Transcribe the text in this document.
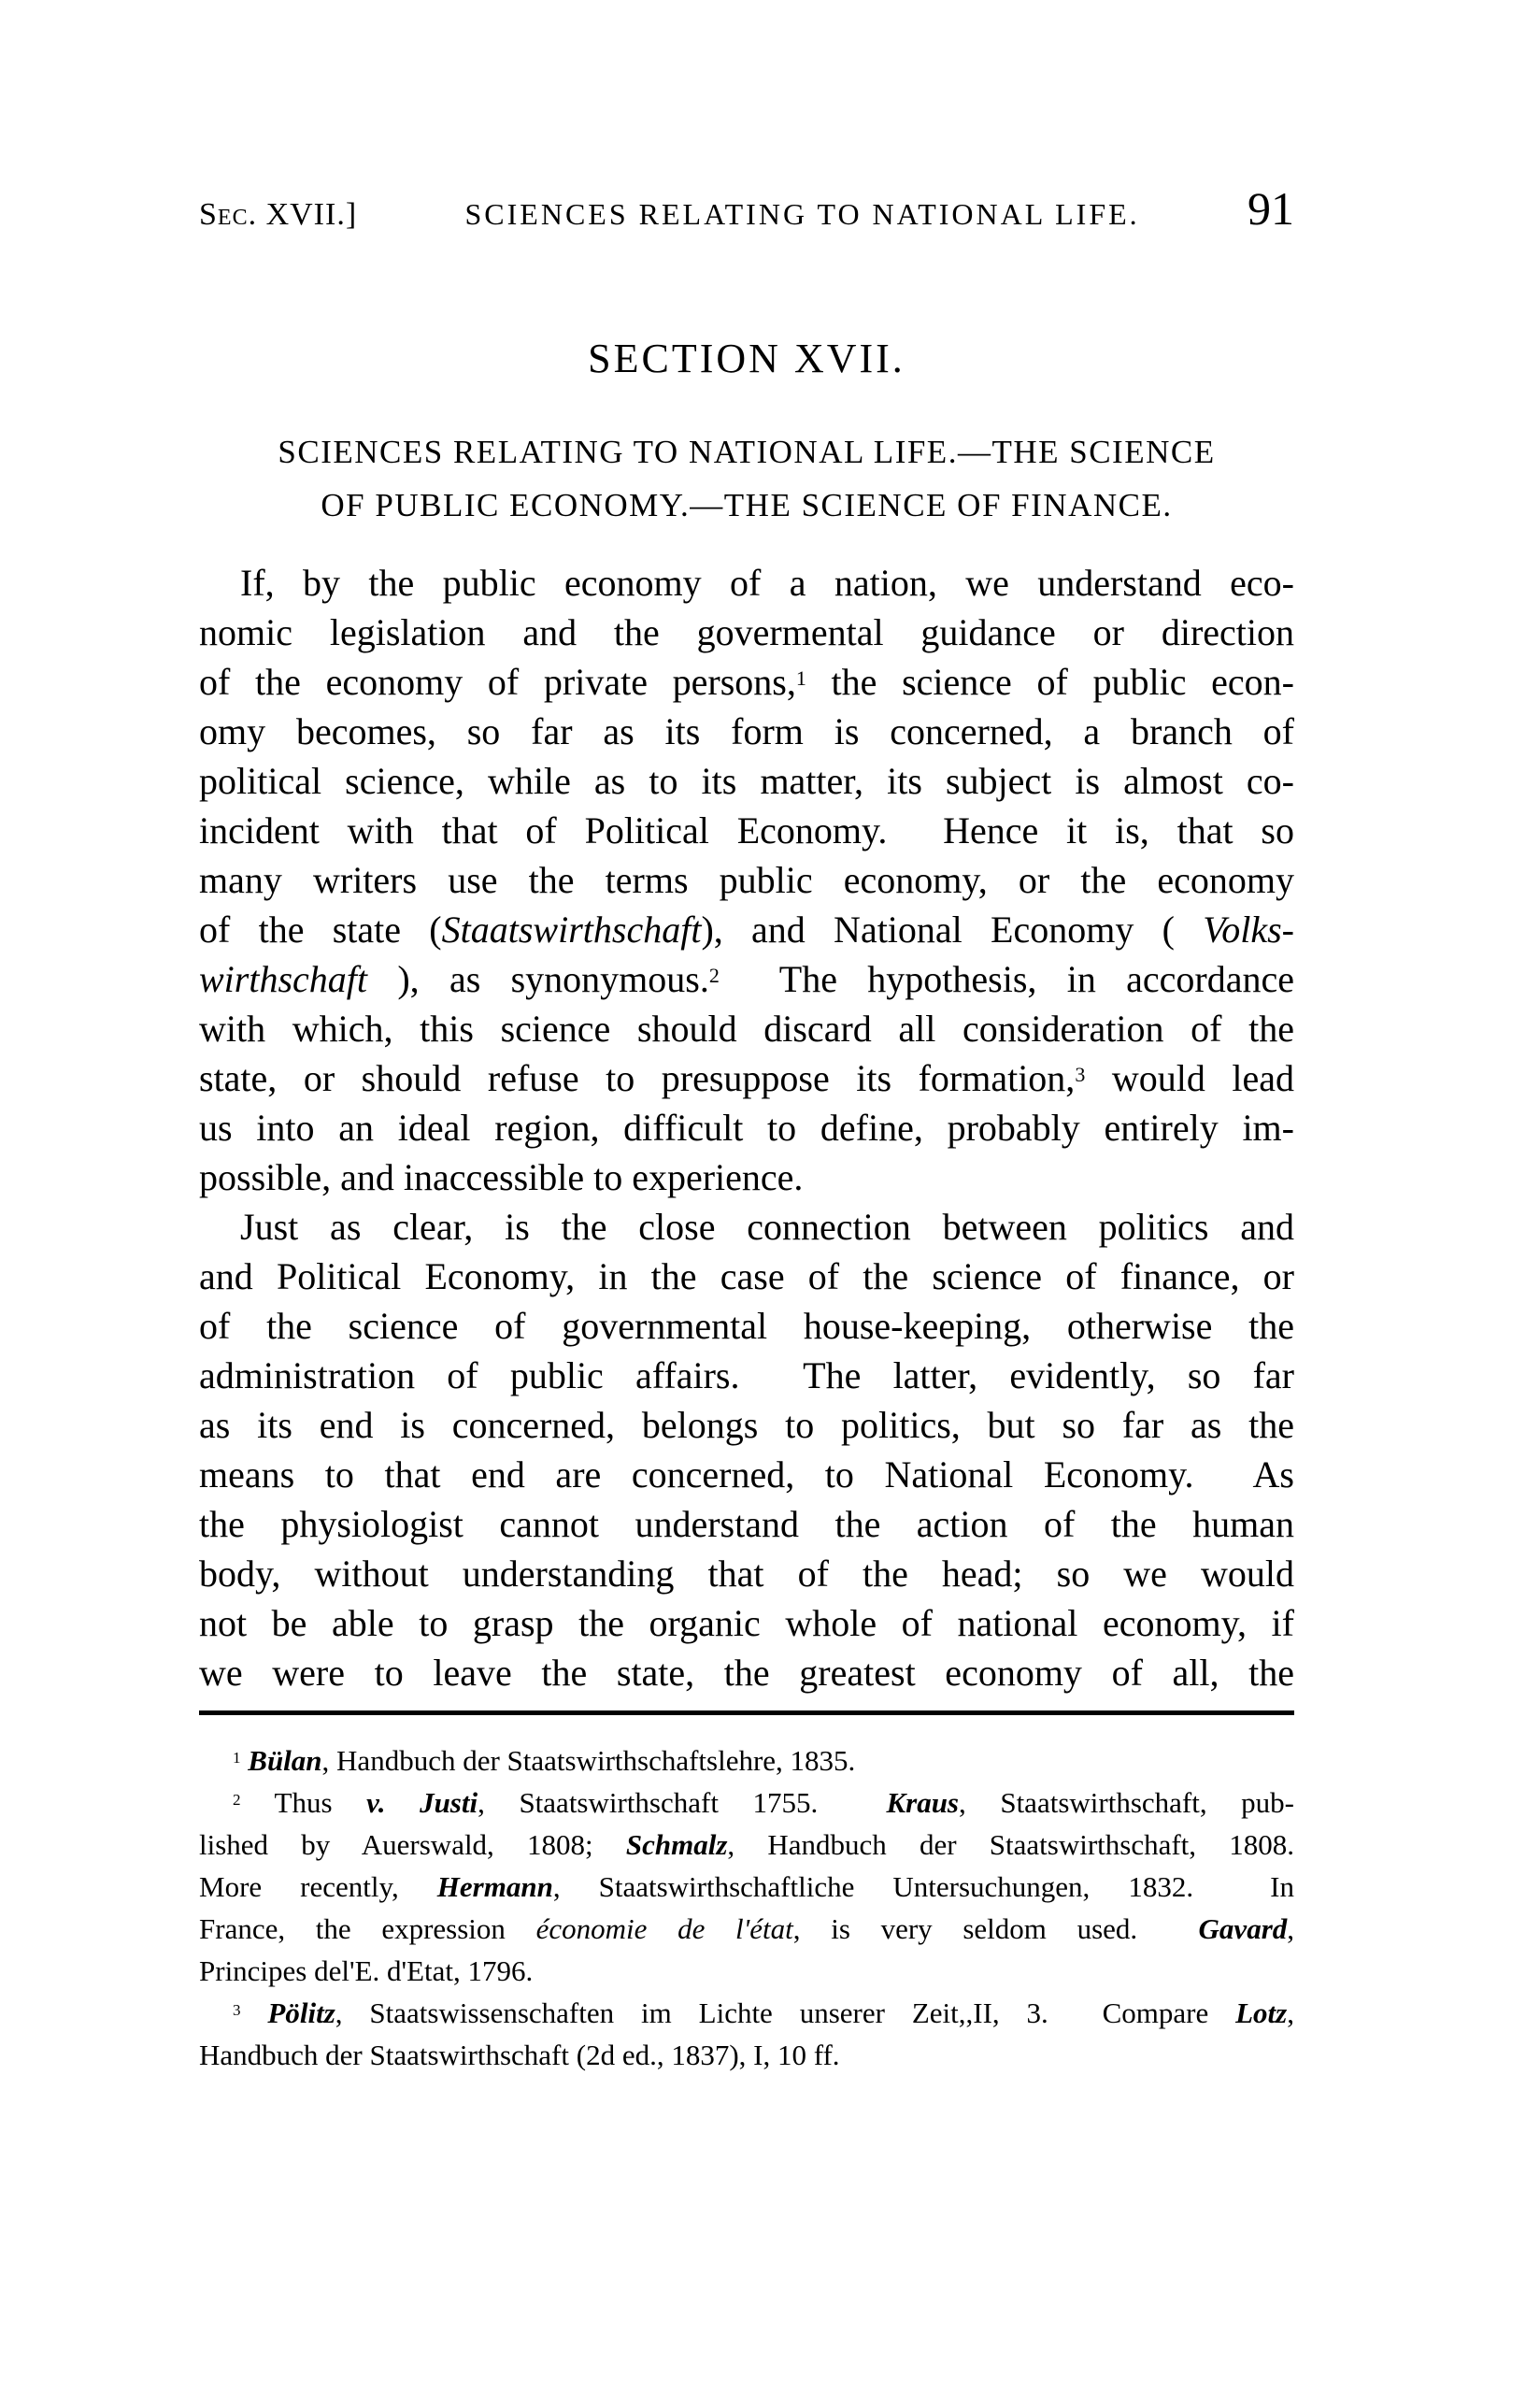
Sec. XVII.]	SCIENCES RELATING TO NATIONAL LIFE. 91
SECTION XVII.
SCIENCES RELATING TO NATIONAL LIFE.—THE SCIENCE
OF PUBLIC ECONOMY.—THE SCIENCE OF FINANCE.
If, by the public economy of a nation, we understand eco-
nomic legislation and the govermental guidance or direction
of the economy of private persons,$^1$ the science of public econ-
omy becomes, so far as its form is concerned, a branch of
political science, while as to its matter, its subject is almost co-
incident with that of Political Economy.  Hence it is, that so
many writers use the terms public economy, or the economy
of the state (Staatswirthschaft), and National Economy ( Volks-
wirthschaft ), as synonymous.$^2$  The hypothesis, in accordance
with which, this science should discard all consideration of the
state, or should refuse to presuppose its formation,$^3$ would lead
us into an ideal region, difficult to define, probably entirely im-
possible, and inaccessible to experience.
Just as clear, is the close connection between politics and
and Political Economy, in the case of the science of finance, or
of the science of governmental house-keeping, otherwise the
administration of public affairs.  The latter, evidently, so far
as its end is concerned, belongs to politics, but so far as the
means to that end are concerned, to National Economy.  As
the physiologist cannot understand the action of the human
body, without understanding that of the head; so we would
not be able to grasp the organic whole of national economy, if
we were to leave the state, the greatest economy of all, the
$^1$ Bülan, Handbuch der Staatswirthschaftslehre, 1835.
$^2$ Thus v. Justi, Staatswirthschaft 1755.  Kraus, Staatswirthschaft, pub-
lished by Auerswald, 1808; Schmalz, Handbuch der Staatswirthschaft, 1808.
More recently, Hermann, Staatswirthschaftliche Untersuchungen, 1832.  In
France, the expression économie de l'état, is very seldom used.  Gavard,
Principes del'E. d'Etat, 1796.
$^3$ Pölitz, Staatswissenschaften im Lichte unserer Zeit,,II, 3.  Compare Lotz,
Handbuch der Staatswirthschaft (2d ed., 1837), I, 10 ff.
